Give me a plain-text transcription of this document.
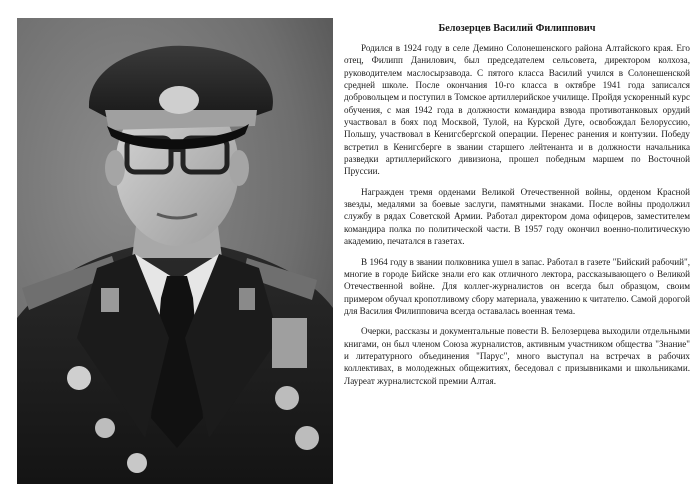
Белозерцев Василий Филиппович

Родился в 1924 году в селе Демино Солонешенского района Алтайского края. Его отец, Филипп Данилович, был председателем сельсовета, директором колхоза, руководителем маслосырзавода. С пятого класса Василий учился в Солонешенской средней школе. После окончания 10-го класса в октябре 1941 года записался добровольцем и поступил в Томское артиллерийское училище. Пройдя ускоренный курс обучения, с мая 1942 года в должности командира взвода противотанковых орудий участвовал в боях под Москвой, Тулой, на Курской Дуге, освобождал Белоруссию, Польшу, участвовал в Кенигсбергской операции. Перенес ранения и контузии. Победу встретил в Кенигсберге в звании старшего лейтенанта и в должности начальника разведки артиллерийского дивизиона, прошел победным маршем по Восточной Пруссии.

Награжден тремя орденами Великой Отечественной войны, орденом Красной звезды, медалями за боевые заслуги, памятными знаками. После войны продолжил службу в рядах Советской Армии. Работал директором дома офицеров, заместителем командира полка по политической части. В 1957 году окончил военно-политическую академию, печатался в газетах.

В 1964 году в звании полковника ушел в запас. Работал в газете "Бийский рабочий", многие в городе Бийске знали его как отличного лектора, рассказывающего о Великой Отечественной войне. Для коллег-журналистов он всегда был образцом, своим примером обучал кропотливому сбору материала, уважению к читателю. Самой дорогой для Василия Филипповича всегда оставалась военная тема.

Очерки, рассказы и документальные повести В. Белозерцева выходили отдельными книгами, он был членом Союза журналистов, активным участником общества "Знание" и литературного объединения "Парус", много выступал на встречах в рабочих коллективах, в молодежных общежитиях, беседовал с призывниками и школьниками. Лауреат журналистской премии Алтая.
